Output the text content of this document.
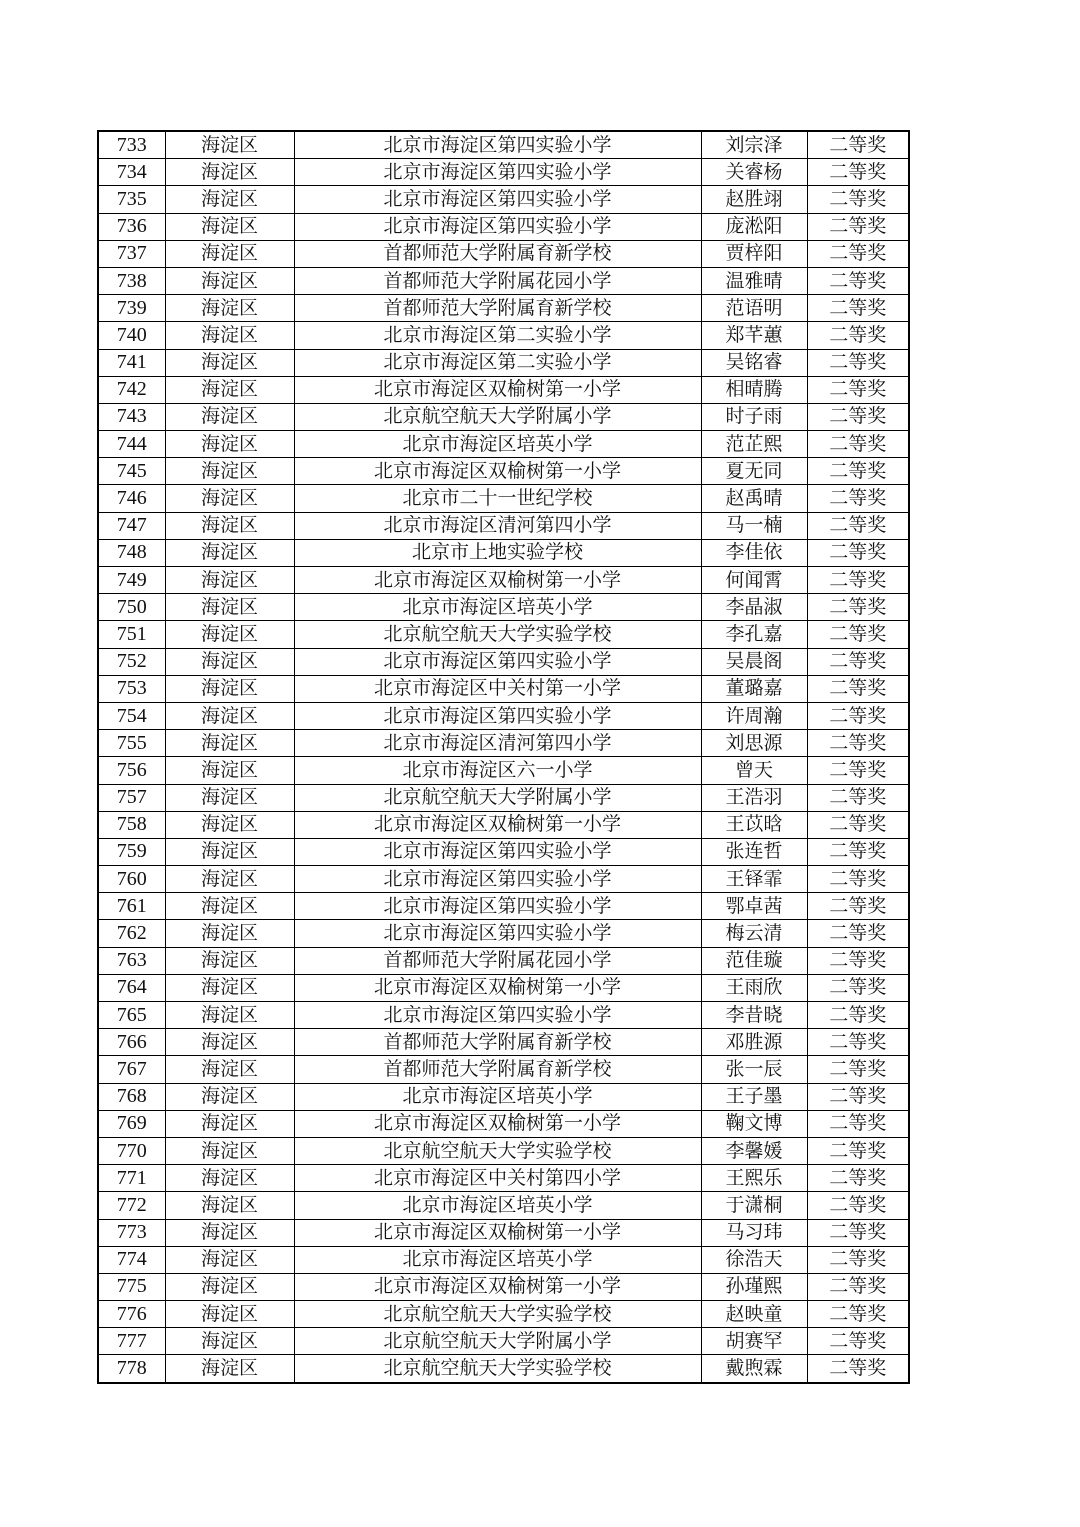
733	海淀区	北京市海淀区第四实验小学	刘宗泽	二等奖
734	海淀区	北京市海淀区第四实验小学	关睿杨	二等奖
735	海淀区	北京市海淀区第四实验小学	赵胜翊	二等奖
736	海淀区	北京市海淀区第四实验小学	庞淞阳	二等奖
737	海淀区	首都师范大学附属育新学校	贾梓阳	二等奖
738	海淀区	首都师范大学附属花园小学	温雅晴	二等奖
739	海淀区	首都师范大学附属育新学校	范语明	二等奖
740	海淀区	北京市海淀区第二实验小学	郑芊蕙	二等奖
741	海淀区	北京市海淀区第二实验小学	吴铭睿	二等奖
742	海淀区	北京市海淀区双榆树第一小学	相晴腾	二等奖
743	海淀区	北京航空航天大学附属小学	时子雨	二等奖
744	海淀区	北京市海淀区培英小学	范芷熙	二等奖
745	海淀区	北京市海淀区双榆树第一小学	夏无同	二等奖
746	海淀区	北京市二十一世纪学校	赵禹晴	二等奖
747	海淀区	北京市海淀区清河第四小学	马一楠	二等奖
748	海淀区	北京市上地实验学校	李佳依	二等奖
749	海淀区	北京市海淀区双榆树第一小学	何闻霄	二等奖
750	海淀区	北京市海淀区培英小学	李晶淑	二等奖
751	海淀区	北京航空航天大学实验学校	李孔嘉	二等奖
752	海淀区	北京市海淀区第四实验小学	吴晨阁	二等奖
753	海淀区	北京市海淀区中关村第一小学	董璐嘉	二等奖
754	海淀区	北京市海淀区第四实验小学	许周瀚	二等奖
755	海淀区	北京市海淀区清河第四小学	刘思源	二等奖
756	海淀区	北京市海淀区六一小学	曾天	二等奖
757	海淀区	北京航空航天大学附属小学	王浩羽	二等奖
758	海淀区	北京市海淀区双榆树第一小学	王苡晗	二等奖
759	海淀区	北京市海淀区第四实验小学	张连哲	二等奖
760	海淀区	北京市海淀区第四实验小学	王铎霏	二等奖
761	海淀区	北京市海淀区第四实验小学	鄂卓茜	二等奖
762	海淀区	北京市海淀区第四实验小学	梅云清	二等奖
763	海淀区	首都师范大学附属花园小学	范佳璇	二等奖
764	海淀区	北京市海淀区双榆树第一小学	王雨欣	二等奖
765	海淀区	北京市海淀区第四实验小学	李昔晓	二等奖
766	海淀区	首都师范大学附属育新学校	邓胜源	二等奖
767	海淀区	首都师范大学附属育新学校	张一辰	二等奖
768	海淀区	北京市海淀区培英小学	王子墨	二等奖
769	海淀区	北京市海淀区双榆树第一小学	鞠文博	二等奖
770	海淀区	北京航空航天大学实验学校	李馨媛	二等奖
771	海淀区	北京市海淀区中关村第四小学	王熙乐	二等奖
772	海淀区	北京市海淀区培英小学	于潇桐	二等奖
773	海淀区	北京市海淀区双榆树第一小学	马习玮	二等奖
774	海淀区	北京市海淀区培英小学	徐浩天	二等奖
775	海淀区	北京市海淀区双榆树第一小学	孙瑾熙	二等奖
776	海淀区	北京航空航天大学实验学校	赵映童	二等奖
777	海淀区	北京航空航天大学附属小学	胡赛罕	二等奖
778	海淀区	北京航空航天大学实验学校	戴煦霖	二等奖
